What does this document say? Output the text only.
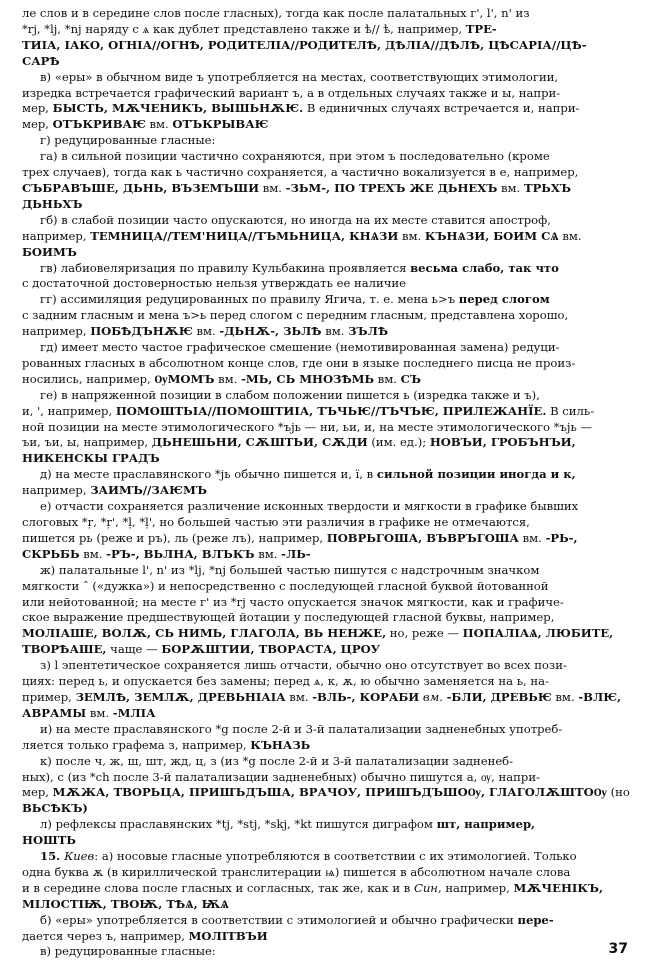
ле слов и в середине слов после гласных), тогда как после палатальных г', l', n' из

*rj, *lj, *nj наряду с ѧ как дублет представлено также и ѣ// ѣ, например, ТРЕ-

ТИІА, ІАКО, ОГНІА//ОГНѢ, РОДИТЕЛІА//РОДИТЕЛѢ, ДѢЛІА//ДѢЛѢ, ЦѢСАРІА//ЦѢ-

САРѢ

в) «еры» в обычном виде ъ употребляется на местах, соответствующих этимологии,

изредка встречается графический вариант ъ, а в отдельных случаях также и ы, напри-

мер, БЫСТЬ, МѪЧЕНИКЪ, ВЫШЬНѪѤ. В единичных случаях встречается и, напри-

мер, ОТЪКРИВАѤ вм. ОТЪКРЫВАѤ

г) редуцированные гласные:

га) в сильной позиции частично сохраняются, при этом ъ последовательно (кроме

трех случаев), тогда как ь частично сохраняется, а частично вокализуется в е, например,

СЪБРАВЪШЕ, ДЬНЬ, ВЪЗЕМЪШИ вм. -ЗЬМ-, ПО ТРЕХЪ ЖЕ ДЬНЕХЪ вм. ТРЬХЪ

ДЬНЬХЪ

гб) в слабой позиции часто опускаются, но иногда на их месте ставится апостроф,

например, ТЕМНИЦА//ТЕМ'НИЦА//ТЪМЬНИЦА, КНѦЗИ вм. КЪНѦЗИ, БОИМ СѦ вм.

БОИМЪ

гв) лабиовеляризация по правилу Кульбакина проявляется весьма слабо, так что

с достаточной достоверностью нельзя утверждать ее наличие

гг) ассимиляция редуцированных по правилу Ягича, т. е. мена ь>ъ перед слогом

с задним гласным и мена ъ>ь перед слогом с передним гласным, представлена хорошо,

например, ПОБѢДЪНѪѤ вм. -ДЬНѪ-, ЗЬЛѢ вм. ЗЪЛѢ

гд) имеет место частое графическое смешение (немотивированная замена) редуци-

рованных гласных в абсолютном конце слов, где они в языке последнего писца не произ-

носились, например, ѸМОМЪ вм. -МЬ, СЬ МНОЗѢМЬ вм. СЪ

ге) в напряженной позиции в слабом положении пишется ь (изредка также и ъ),

и, ', например, ПОМОШТЬІА//ПОМОШТИІА, ТЪЧЬѤ//ТЪЧЪѤ, ПРИЛЕЖАНЇЕ. В силь-

ной позиции на месте этимологического *ъjь — ни, ьи, и, на месте этимологического *ъjь —

ъи, ъи, ы, например, ДЬНЕШЬНИ, СѪШТЬИ, СѪДИ (им. ед.); НОВЪИ, ГРОБЪНЪИ,

НИКЕНСКЫ ГРАДЪ

д) на месте праславянского *jь обычно пишется и, ї, в сильной позиции иногда и к,

например, ЗАИМЪ//ЗАѤМЪ

е) отчасти сохраняется различение исконных твердости и мягкости в графике бывших

слоговых *ṛ, *ṛ', *ḷ, *ḷ', но большей частью эти различия в графике не отмечаются,

пишется рь (реже и ръ), ль (реже лъ), например, ПОВРЬГОША, ВЪВРЪГОША вм. -РЬ-,

СКРЬБЬ вм. -РЪ-, ВЬЛНА, ВЛЪКЪ вм. -ЛЬ-

ж) палатальные l', n' из *lj, *nj большей частью пишутся с надстрочным значком

мягкости ˆ («дужка») и непосредственно с последующей гласной буквой йотованной

или нейотованной; на месте г' из *rj часто опускается значок мягкости, как и графиче-

ское выражение предшествующей йотации у последующей гласной буквы, например,

МОЛІАШЕ, ВОЛѪ, СЬ НИМЬ, ГЛАГОЛА, ВЬ НЕНЖЕ, но, реже — ПОПАЛІАѦ, ЛЮБИТЕ,

ТВОРѢАШЕ, чаще — БОРѪШТИИ, ТВОРАСТА, ЦРОУ

з) l эпентетическое сохраняется лишь отчасти, обычно оно отсутствует во всех пози-

циях: перед ь, и опускается без замены; перед ѧ, к, ѫ, ю обычно заменяется на ь, на-

пример, ЗЕМЛѢ, ЗЕМЛѪ, ДРЕВЬНІАІА вм. -ВЛЬ-, КОРАБИ вм. -БЛИ, ДРЕВЬѤ вм. -ВЛѤ,

АВРАМЫ вм. -МЛІА

и) на месте праславянского *g после 2-й и 3-й палатализации задненебных употреб-

ляется только графема з, например, КЪНАЗЬ

к) после ч, ж, ш, шт, жд, ц, з (из *g после 2-й и 3-й палатализации задненеб-

ных), с (из *ch после 3-й палатализации задненебных) обычно пишутся а, ѹ, напри-

мер, МѪЖА, ТВОРЬЦА, ПРИШЪДЪША, ВРАЧОУ, ПРИШЪДЪШОѸ, ГЛАГОЛѪШТОѸ (но

ВЬСѢКЪ)

л) рефлексы праславянских *tj, *stj, *skj, *kt пишутся диграфом шт, например,

НОШТЬ

15. Киев: а) носовые гласные употребляются в соответствии с их этимологией. Только

одна буква ѫ (в кириллической транслитерации ѩ) пишется в абсолютном начале слова

и в середине слова после гласных и согласных, так же, как и в Син, например, МѪЧЕНІКЪ,

МІЛОСТІѬ, ТВОѬ, ТѢѦ, ѬѦ

б) «еры» употребляется в соответствии с этимологией и обычно графически пере-

дается через ъ, например, МОЛІТВЪИ

в) редуцированные гласные:	37
